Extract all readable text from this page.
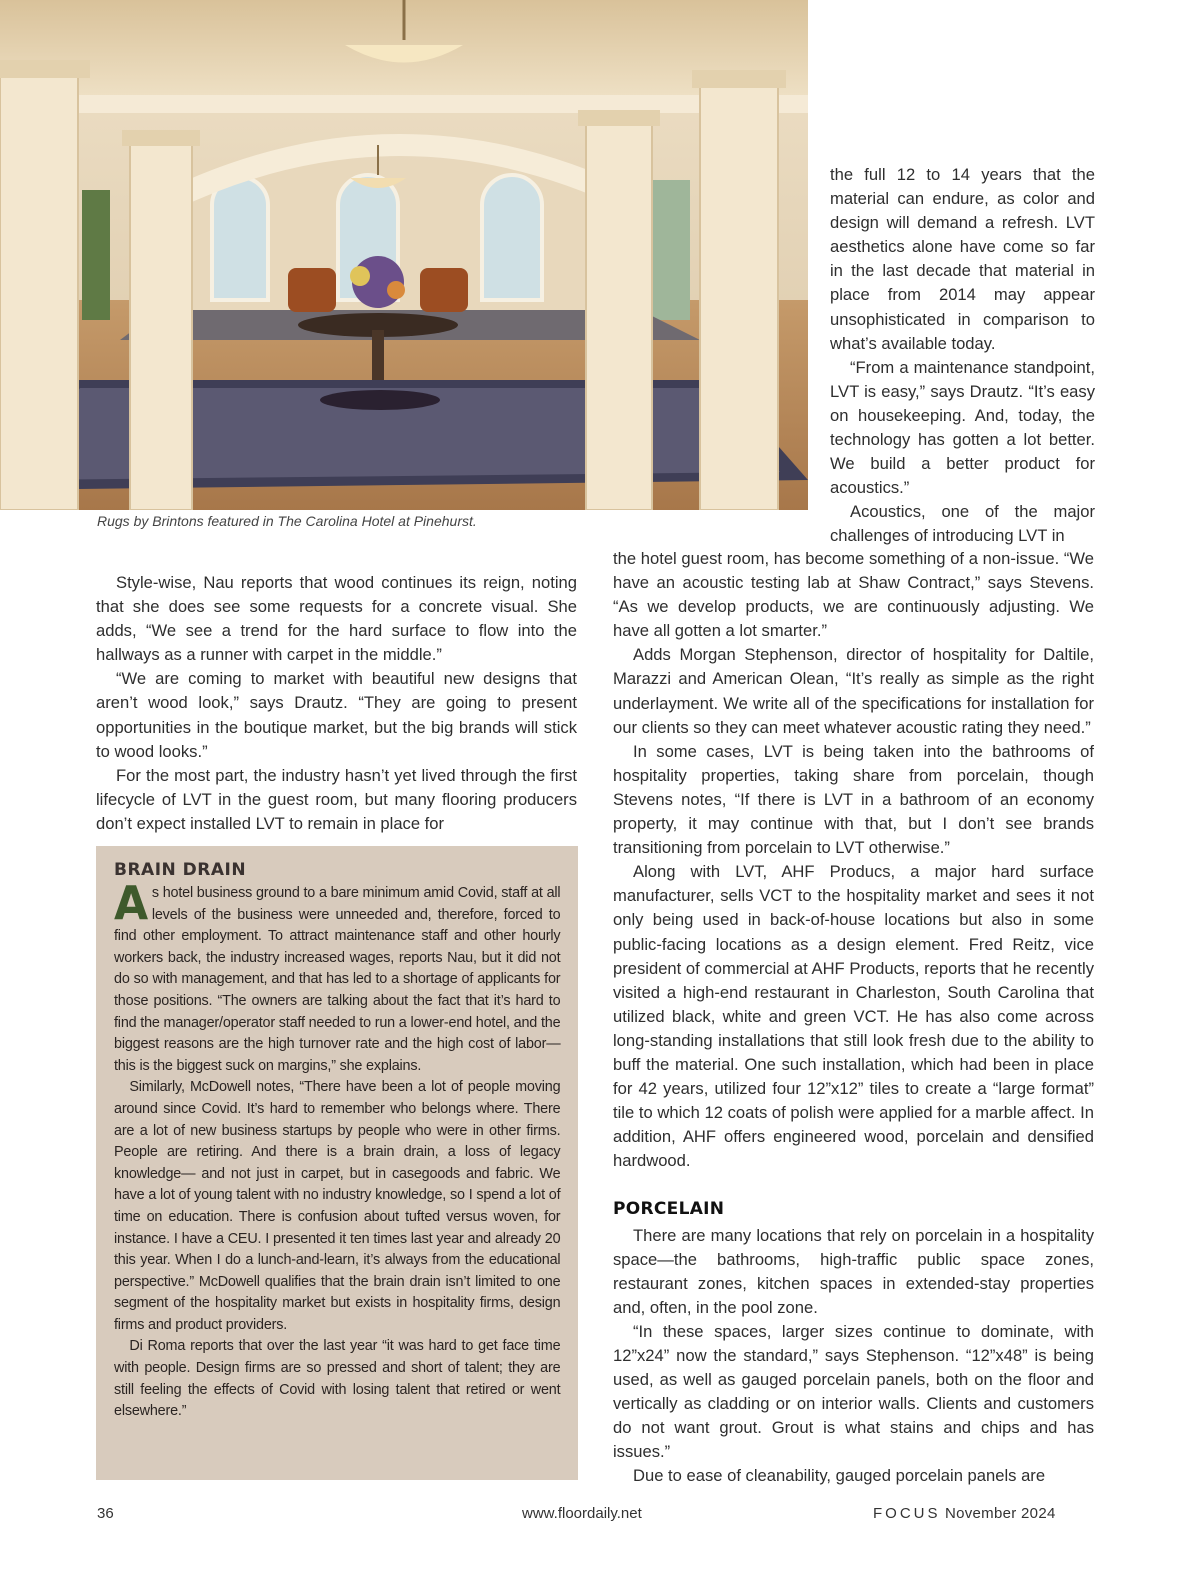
Rugs by Brintons featured in The Carolina Hotel at Pinehurst.

the full 12 to 14 years that the material can endure, as color and design will demand a refresh. LVT aesthetics alone have come so far in the last decade that material in place from 2014 may appear unsophisticated in comparison to what’s available today.

“From a maintenance standpoint, LVT is easy,” says Drautz. “It’s easy on housekeeping. And, today, the technology has gotten a lot better. We build a better product for acoustics.”

Acoustics, one of the major challenges of introducing LVT in

the hotel guest room, has become something of a non-issue. “We have an acoustic testing lab at Shaw Contract,” says Stevens. “As we develop products, we are continuously adjusting. We have all gotten a lot smarter.”

Adds Morgan Stephenson, director of hospitality for Daltile, Marazzi and American Olean, “It’s really as simple as the right underlayment. We write all of the specifications for installation for our clients so they can meet whatever acoustic rating they need.”

In some cases, LVT is being taken into the bathrooms of hospitality properties, taking share from porcelain, though Stevens notes, “If there is LVT in a bathroom of an economy property, it may continue with that, but I don’t see brands transitioning from porcelain to LVT otherwise.”

Along with LVT, AHF Producs, a major hard surface manufacturer, sells VCT to the hospitality market and sees it not only being used in back-of-house locations but also in some public-facing locations as a design element. Fred Reitz, vice president of commercial at AHF Products, reports that he recently visited a high-end restaurant in Charleston, South Carolina that utilized black, white and green VCT. He has also come across long-standing installations that still look fresh due to the ability to buff the material. One such installation, which had been in place for 42 years, utilized four 12”x12” tiles to create a “large format” tile to which 12 coats of polish were applied for a marble affect. In addition, AHF offers engineered wood, porcelain and densified hardwood.

PORCELAIN

There are many locations that rely on porcelain in a hospitality space—the bathrooms, high-traffic public space zones, restaurant zones, kitchen spaces in extended-stay properties and, often, in the pool zone.

“In these spaces, larger sizes continue to dominate, with 12”x24” now the standard,” says Stephenson. “12”x48” is being used, as well as gauged porcelain panels, both on the floor and vertically as cladding or on interior walls. Clients and customers do not want grout. Grout is what stains and chips and has issues.”

Due to ease of cleanability, gauged porcelain panels are

Style-wise, Nau reports that wood continues its reign, noting that she does see some requests for a concrete visual. She adds, “We see a trend for the hard surface to flow into the hallways as a runner with carpet in the middle.”

“We are coming to market with beautiful new designs that aren’t wood look,” says Drautz. “They are going to present opportunities in the boutique market, but the big brands will stick to wood looks.”

For the most part, the industry hasn’t yet lived through the first lifecycle of LVT in the guest room, but many flooring producers don’t expect installed LVT to remain in place for

BRAIN DRAIN

As hotel business ground to a bare minimum amid Covid, staff at all levels of the business were unneeded and, therefore, forced to find other employment. To attract maintenance staff and other hourly workers back, the industry increased wages, reports Nau, but it did not do so with management, and that has led to a shortage of applicants for those positions. “The owners are talking about the fact that it’s hard to find the manager/operator staff needed to run a lower-end hotel, and the biggest reasons are the high turnover rate and the high cost of labor— this is the biggest suck on margins,” she explains.

Similarly, McDowell notes, “There have been a lot of people moving around since Covid. It’s hard to remember who belongs where. There are a lot of new business startups by people who were in other firms. People are retiring. And there is a brain drain, a loss of legacy knowledge— and not just in carpet, but in casegoods and fabric. We have a lot of young talent with no industry knowledge, so I spend a lot of time on education. There is confusion about tufted versus woven, for instance. I have a CEU. I presented it ten times last year and already 20 this year. When I do a lunch-and-learn, it’s always from the educational perspective.” McDowell qualifies that the brain drain isn’t limited to one segment of the hospitality market but exists in hospitality firms, design firms and product providers.

Di Roma reports that over the last year “it was hard to get face time with people. Design firms are so pressed and short of talent; they are still feeling the effects of Covid with losing talent that retired or went elsewhere.”

36	www.floordaily.net	FOCUS November 2024
